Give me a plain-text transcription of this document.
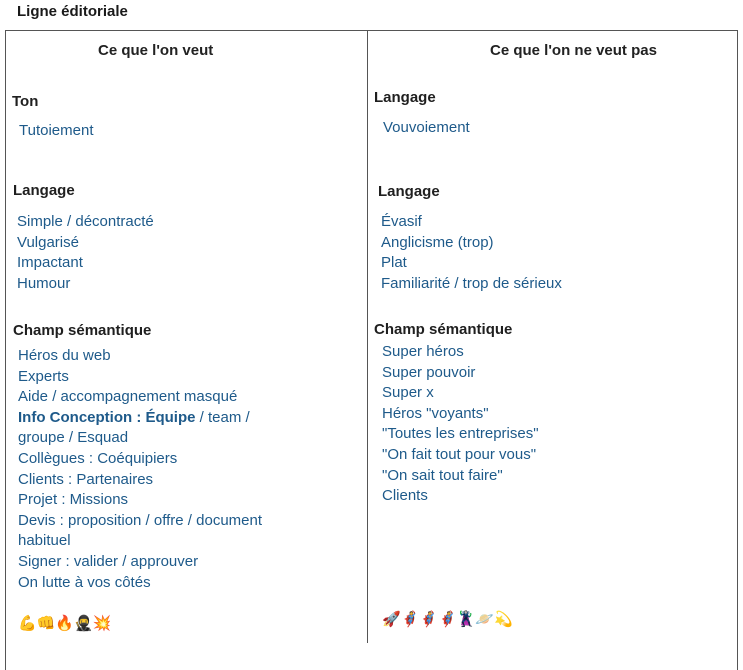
Ligne éditoriale
Ce que l'on veut
Ton
Tutoiement
Langage
Simple / décontracté
Vulgarisé
Impactant
Humour
Champ sémantique
Héros du web
Experts
Aide / accompagnement masqué
Info Conception : Équipe / team /
groupe / Esquad
Collègues : Coéquipiers
Clients : Partenaires
Projet : Missions
Devis : proposition / offre / document
habituel
Signer : valider / approuver
On lutte à vos côtés
💪👊🔥🥷💥
Ce que l'on ne veut pas
Langage
Vouvoiement
Langage
Évasif
Anglicisme (trop)
Plat
Familiarité / trop de sérieux
Champ sémantique
Super héros
Super pouvoir
Super x
Héros "voyants"
"Toutes les entreprises"
"On fait tout pour vous"
"On sait tout faire"
Clients
🚀🦸🦸🦸🦹🪐💫
